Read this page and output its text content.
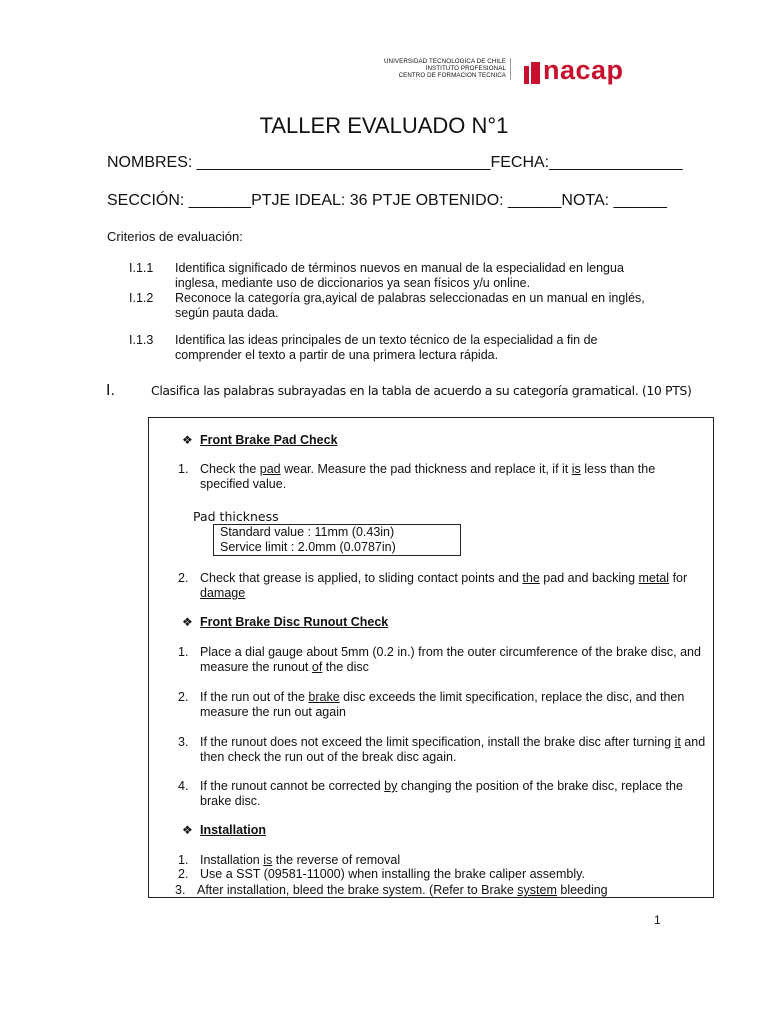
UNIVERSIDAD TECNOLOGICA DE CHILE
INSTITUTO PROFESIONAL
CENTRO DE FORMACION TECNICA nacap
TALLER EVALUADO N°1
NOMBRES: _________________________________FECHA:_______________
SECCIÓN: _______PTJE IDEAL: 36 PTJE OBTENIDO: ______NOTA: ______
Criterios de evaluación:
I.1.1 Identifica significado de términos nuevos en manual de la especialidad en lengua
inglesa, mediante uso de diccionarios ya sean físicos y/u online.
I.1.2 Reconoce la categoría gra,ayical de palabras seleccionadas en un manual en inglés,
según pauta dada.
I.1.3 Identifica las ideas principales de un texto técnico de la especialidad a fin de
comprender el texto a partir de una primera lectura rápida.
I.	Clasifica las palabras subrayadas en la tabla de acuerdo a su categoría gramatical. (10 PTS)
❖ Front Brake Pad Check
1. Check the pad wear. Measure the pad thickness and replace it, if it is less than the
specified value.
Pad thickness
Standard value : 11mm (0.43in)
Service limit : 2.0mm (0.0787in)
2. Check that grease is applied, to sliding contact points and the pad and backing metal for
damage
❖ Front Brake Disc Runout Check
1. Place a dial gauge about 5mm (0.2 in.) from the outer circumference of the brake disc, and
measure the runout of the disc
2. If the run out of the brake disc exceeds the limit specification, replace the disc, and then
measure the run out again
3. If the runout does not exceed the limit specification, install the brake disc after turning it and
then check the run out of the break disc again.
4. If the runout cannot be corrected by changing the position of the brake disc, replace the
brake disc.
❖ Installation
1. Installation is the reverse of removal
2. Use a SST (09581-11000) when installing the brake caliper assembly.
3. After installation, bleed the brake system. (Refer to Brake system bleeding
1
